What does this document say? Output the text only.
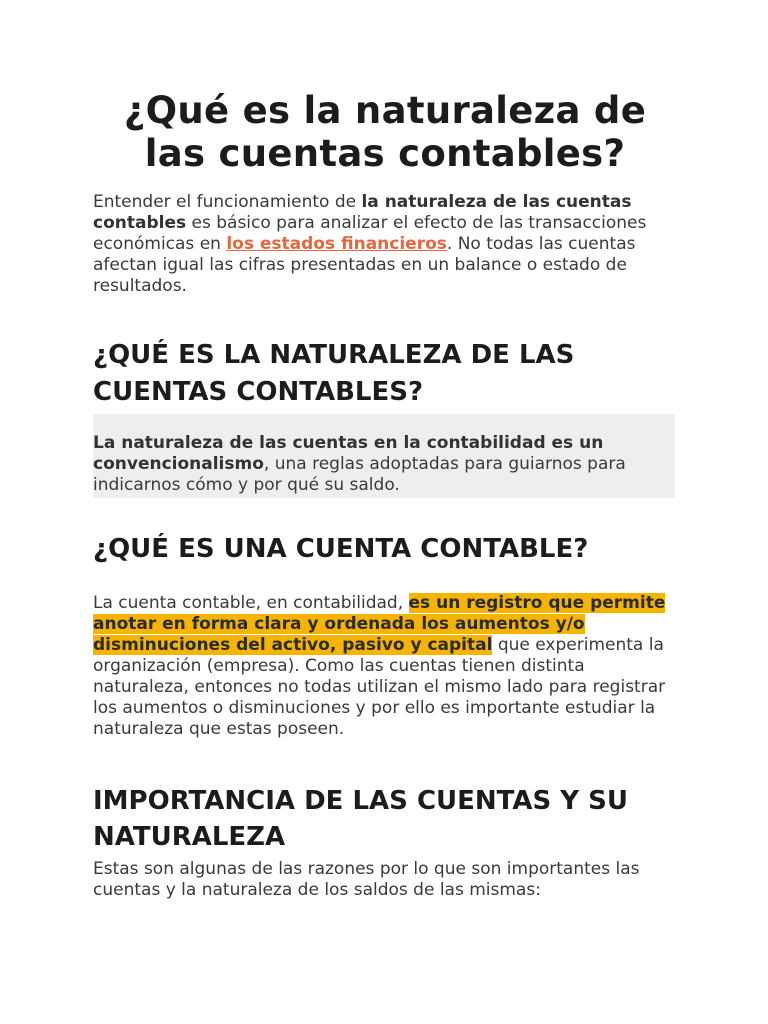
¿Qué es la naturaleza de las cuentas contables?

Entender el funcionamiento de la naturaleza de las cuentas contables es básico para analizar el efecto de las transacciones económicas en los estados financieros. No todas las cuentas afectan igual las cifras presentadas en un balance o estado de resultados.

¿QUÉ ES LA NATURALEZA DE LAS CUENTAS CONTABLES?

La naturaleza de las cuentas en la contabilidad es un convencionalismo, una reglas adoptadas para guiarnos para indicarnos cómo y por qué su saldo.

¿QUÉ ES UNA CUENTA CONTABLE?

La cuenta contable, en contabilidad, es un registro que permite anotar en forma clara y ordenada los aumentos y/o disminuciones del activo, pasivo y capital que experimenta la organización (empresa). Como las cuentas tienen distinta naturaleza, entonces no todas utilizan el mismo lado para registrar los aumentos o disminuciones y por ello es importante estudiar la naturaleza que estas poseen.

IMPORTANCIA DE LAS CUENTAS Y SU NATURALEZA

Estas son algunas de las razones por lo que son importantes las cuentas y la naturaleza de los saldos de las mismas:
